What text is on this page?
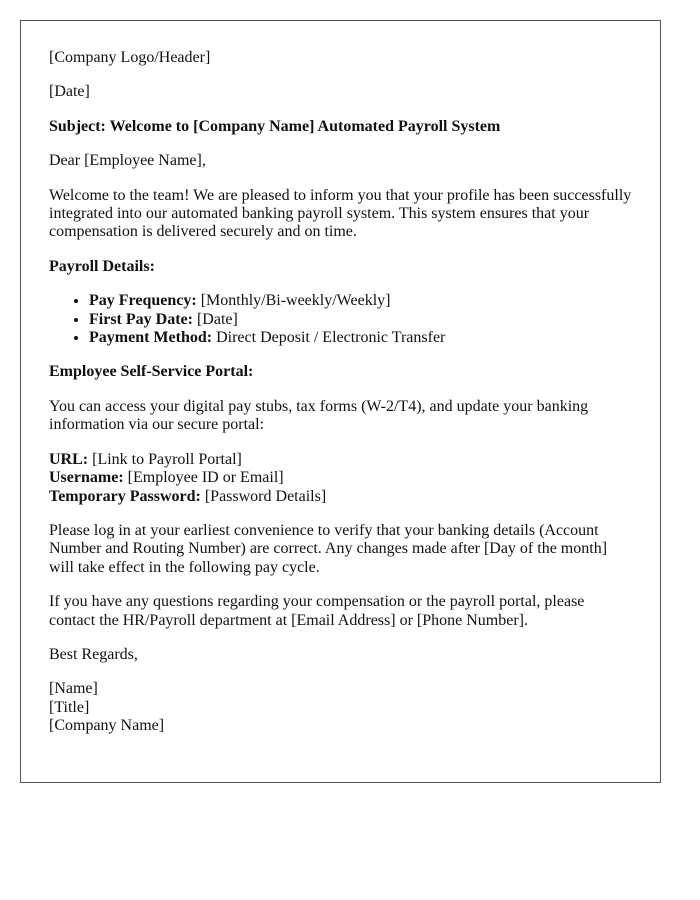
[Company Logo/Header]

[Date]

Subject: Welcome to [Company Name] Automated Payroll System

Dear [Employee Name],

Welcome to the team! We are pleased to inform you that your profile has been successfully integrated into our automated banking payroll system. This system ensures that your compensation is delivered securely and on time.

Payroll Details:

• Pay Frequency: [Monthly/Bi-weekly/Weekly]
• First Pay Date: [Date]
• Payment Method: Direct Deposit / Electronic Transfer

Employee Self-Service Portal:

You can access your digital pay stubs, tax forms (W-2/T4), and update your banking information via our secure portal:

URL: [Link to Payroll Portal]
Username: [Employee ID or Email]
Temporary Password: [Password Details]

Please log in at your earliest convenience to verify that your banking details (Account Number and Routing Number) are correct. Any changes made after [Day of the month] will take effect in the following pay cycle.

If you have any questions regarding your compensation or the payroll portal, please contact the HR/Payroll department at [Email Address] or [Phone Number].

Best Regards,

[Name]
[Title]
[Company Name]
